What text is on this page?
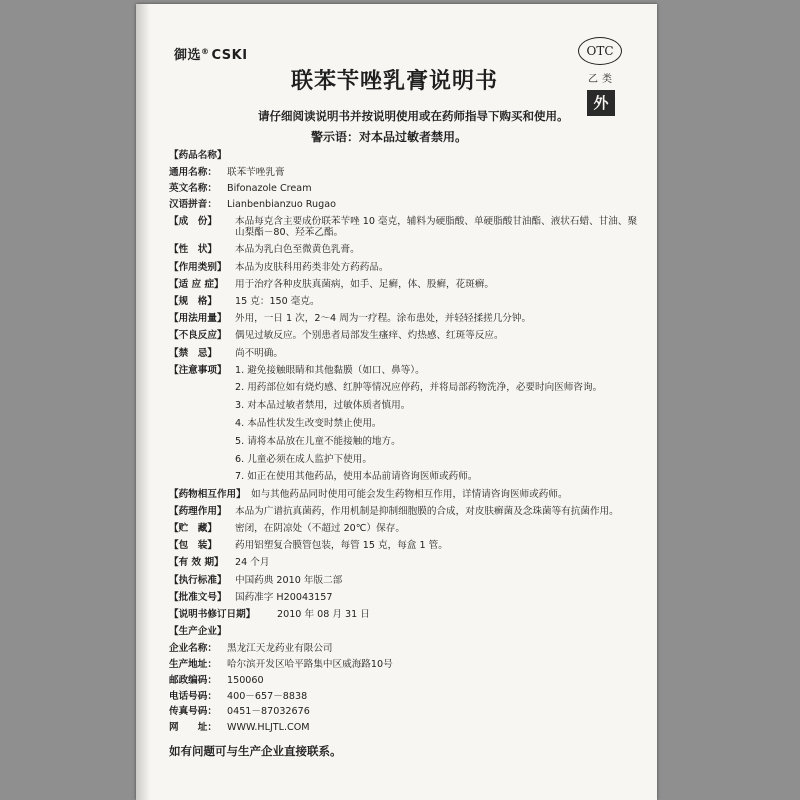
御选® CSKI
联苯苄唑乳膏说明书
OTC
乙类
外
请仔细阅读说明书并按说明使用或在药师指导下购买和使用。
警示语：对本品过敏者禁用。
【药品名称】
通用名称：	联苯苄唑乳膏
英文名称：	Bifonazole Cream
汉语拼音：	Lianbenbianzuo Rugao
【成　份】	本品每克含主要成份联苯苄唑 10 毫克，辅料为硬脂酸、单硬脂酸甘油酯、液状石蜡、甘油、聚山梨酯－80、羟苯乙酯。
【性　状】	本品为乳白色至微黄色乳膏。
【作用类别】 本品为皮肤科用药类非处方药药品。
【适 应 症】	用于治疗各种皮肤真菌病，如手、足癣，体、股癣，花斑癣。
【规　格】	15 克：150 毫克。
【用法用量】 外用，一日 1 次，2～4 周为一疗程。涂布患处，并轻轻揉搓几分钟。
【不良反应】 偶见过敏反应。个别患者局部发生瘙痒、灼热感、红斑等反应。
【禁　忌】	尚不明确。
【注意事项】 1. 避免接触眼睛和其他黏膜（如口、鼻等）。
2. 用药部位如有烧灼感、红肿等情况应停药，并将局部药物洗净，必要时向医师咨询。
3. 对本品过敏者禁用，过敏体质者慎用。
4. 本品性状发生改变时禁止使用。
5. 请将本品放在儿童不能接触的地方。
6. 儿童必须在成人监护下使用。
7. 如正在使用其他药品，使用本品前请咨询医师或药师。
【药物相互作用】 如与其他药品同时使用可能会发生药物相互作用，详情请咨询医师或药师。
【药理作用】 本品为广谱抗真菌药，作用机制是抑制细胞膜的合成，对皮肤癣菌及念珠菌等有抗菌作用。
【贮　藏】	密闭，在阴凉处（不超过 20℃）保存。
【包　装】	药用铝塑复合膜管包装，每管 15 克，每盒 1 管。
【有 效 期】	24 个月
【执行标准】 中国药典 2010 年版二部
【批准文号】 国药准字 H20043157
【说明书修订日期】	2010 年 08 月 31 日
【生产企业】
企业名称：	黑龙江天龙药业有限公司
生产地址：	哈尔滨开发区哈平路集中区威海路10号
邮政编码：	150060
电话号码：	400－657－8838
传真号码：	0451－87032676
网　　址：	WWW.HLJTL.COM
如有问题可与生产企业直接联系。
